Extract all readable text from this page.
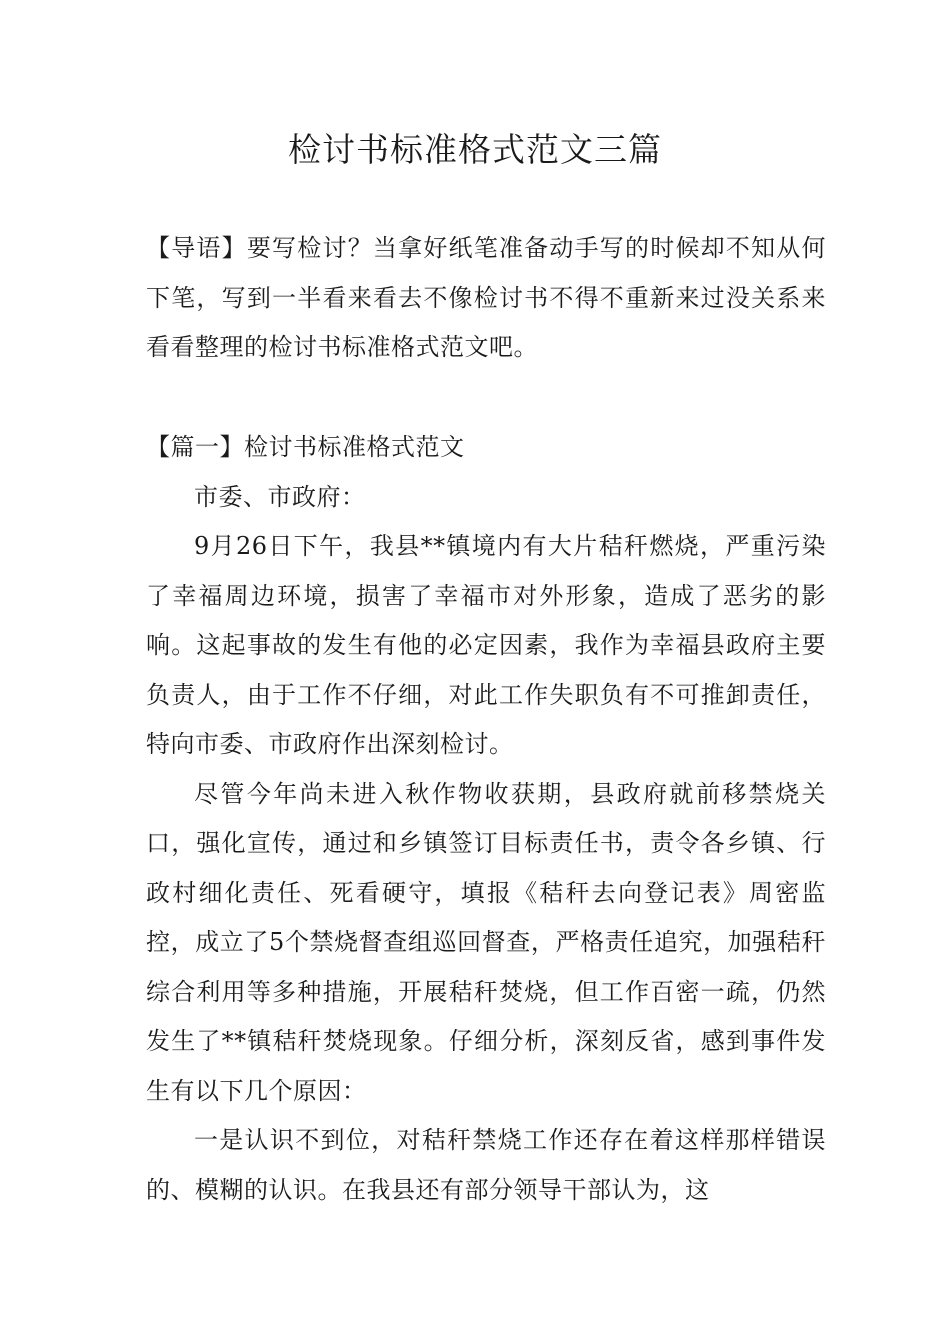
检讨书标准格式范文三篇

【导语】要写检讨？当拿好纸笔准备动手写的时候却不知从何下笔，写到一半看来看去不像检讨书不得不重新来过没关系来看看整理的检讨书标准格式范文吧。

【篇一】检讨书标准格式范文

市委、市政府：

9月26日下午，我县**镇境内有大片秸秆燃烧，严重污染了幸福周边环境，损害了幸福市对外形象，造成了恶劣的影响。这起事故的发生有他的必定因素，我作为幸福县政府主要负责人，由于工作不仔细，对此工作失职负有不可推卸责任，特向市委、市政府作出深刻检讨。

尽管今年尚未进入秋作物收获期，县政府就前移禁烧关口，强化宣传，通过和乡镇签订目标责任书，责令各乡镇、行政村细化责任、死看硬守，填报《秸秆去向登记表》周密监控，成立了5个禁烧督查组巡回督查，严格责任追究，加强秸秆综合利用等多种措施，开展秸秆焚烧，但工作百密一疏，仍然发生了**镇秸秆焚烧现象。仔细分析，深刻反省，感到事件发生有以下几个原因：

一是认识不到位，对秸秆禁烧工作还存在着这样那样错误的、模糊的认识。在我县还有部分领导干部认为，这
